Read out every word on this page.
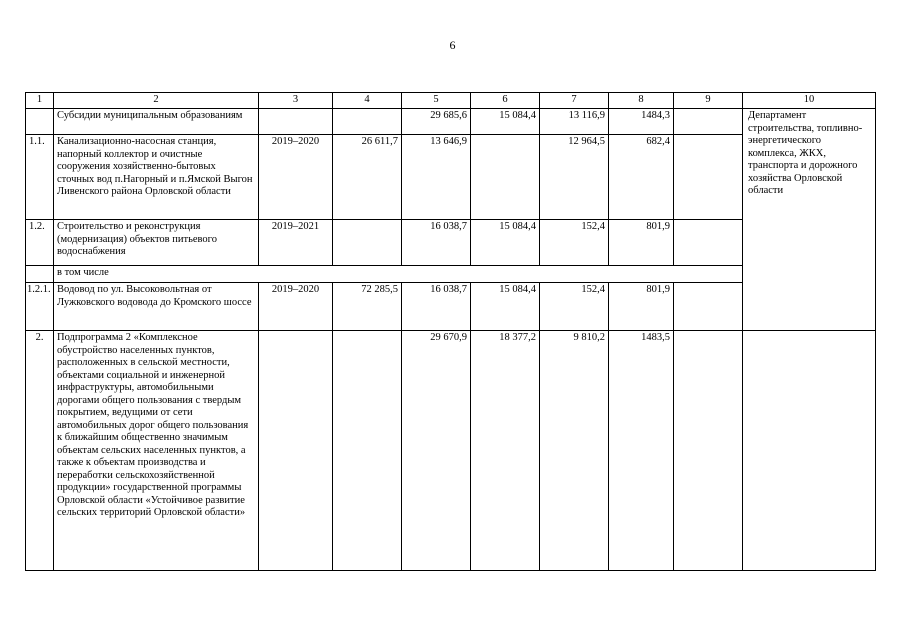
6
1	2	3	4	5	6	7	8	9	10
	Субсидии муниципальным образованиям			29 685,6	15 084,4	13 116,9	1484,3		Департамент строительства, топливно-энергетического комплекса, ЖКХ, транспорта и дорожного хозяйства Орловской области
1.1.	Канализационно-насосная станция, напорный коллектор и очистные сооружения хозяйственно-бытовых сточных вод п.Нагорный и п.Ямской Выгон Ливенского района Орловской области	2019–2020	26 611,7	13 646,9		12 964,5	682,4		
1.2.	Строительство и реконструкция (модернизация) объектов питьевого водоснабжения	2019–2021		16 038,7	15 084,4	152,4	801,9		
	в том числе								
1.2.1.	Водовод по ул. Высоковольтная от Лужковского водовода до Кромского шоссе	2019–2020	72 285,5	16 038,7	15 084,4	152,4	801,9		
2.	Подпрограмма 2 «Комплексное обустройство населенных пунктов, расположенных в сельской местности, объектами социальной и инженерной инфраструктуры, автомобильными дорогами общего пользования с твердым покрытием, ведущими от сети автомобильных дорог общего пользования к ближайшим общественно значимым объектам сельских населенных пунктов, а также к объектам производства и переработки сельскохозяйственной продукции» государственной программы Орловской области «Устойчивое развитие сельских территорий Орловской области»			29 670,9	18 377,2	9 810,2	1483,5		
